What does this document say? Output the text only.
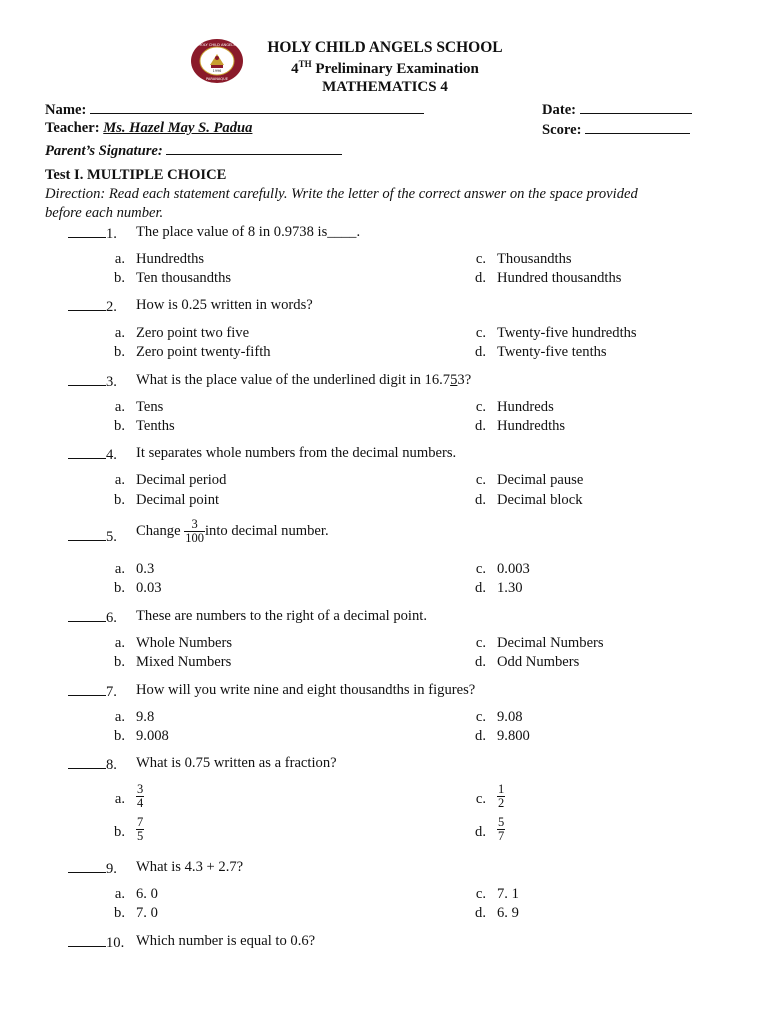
HOLY CHILD ANGELS
PARANAQUE
1996
HOLY CHILD ANGELS SCHOOL
4TH Preliminary Examination
MATHEMATICS 4
Name:	Date:
Teacher: Ms. Hazel May S. Padua	Score:
Parent’s Signature:
Test I. MULTIPLE CHOICE
Direction: Read each statement carefully. Write the letter of the correct answer on the space provided
before each number.
1. The place value of 8 in 0.9738 is____.
a. Hundredths	c. Thousandths
b. Ten thousandths	d. Hundred thousandths
2. How is 0.25 written in words?
a. Zero point two five	c. Twenty-five hundredths
b. Zero point twenty-fifth	d. Twenty-five tenths
3. What is the place value of the underlined digit in 16.753?
a. Tens	c. Hundreds
b. Tenths	d. Hundredths
4. It separates whole numbers from the decimal numbers.
a. Decimal period	c. Decimal pause
b. Decimal point	d. Decimal block
5. Change $\frac{3}{100}$ into decimal number.
a. 0.3	c. 0.003
b. 0.03	d. 1.30
6. These are numbers to the right of a decimal point.
a. Whole Numbers	c. Decimal Numbers
b. Mixed Numbers	d. Odd Numbers
7. How will you write nine and eight thousandths in figures?
a. 9.8	c. 9.08
b. 9.008	d. 9.800
8. What is 0.75 written as a fraction?
a. $\frac{3}{4}$	c. $\frac{1}{2}$
b. $\frac{7}{5}$	d. $\frac{5}{7}$
9. What is 4.3 + 2.7?
a. 6. 0	c. 7. 1
b. 7. 0	d. 6. 9
10. Which number is equal to 0.6?
